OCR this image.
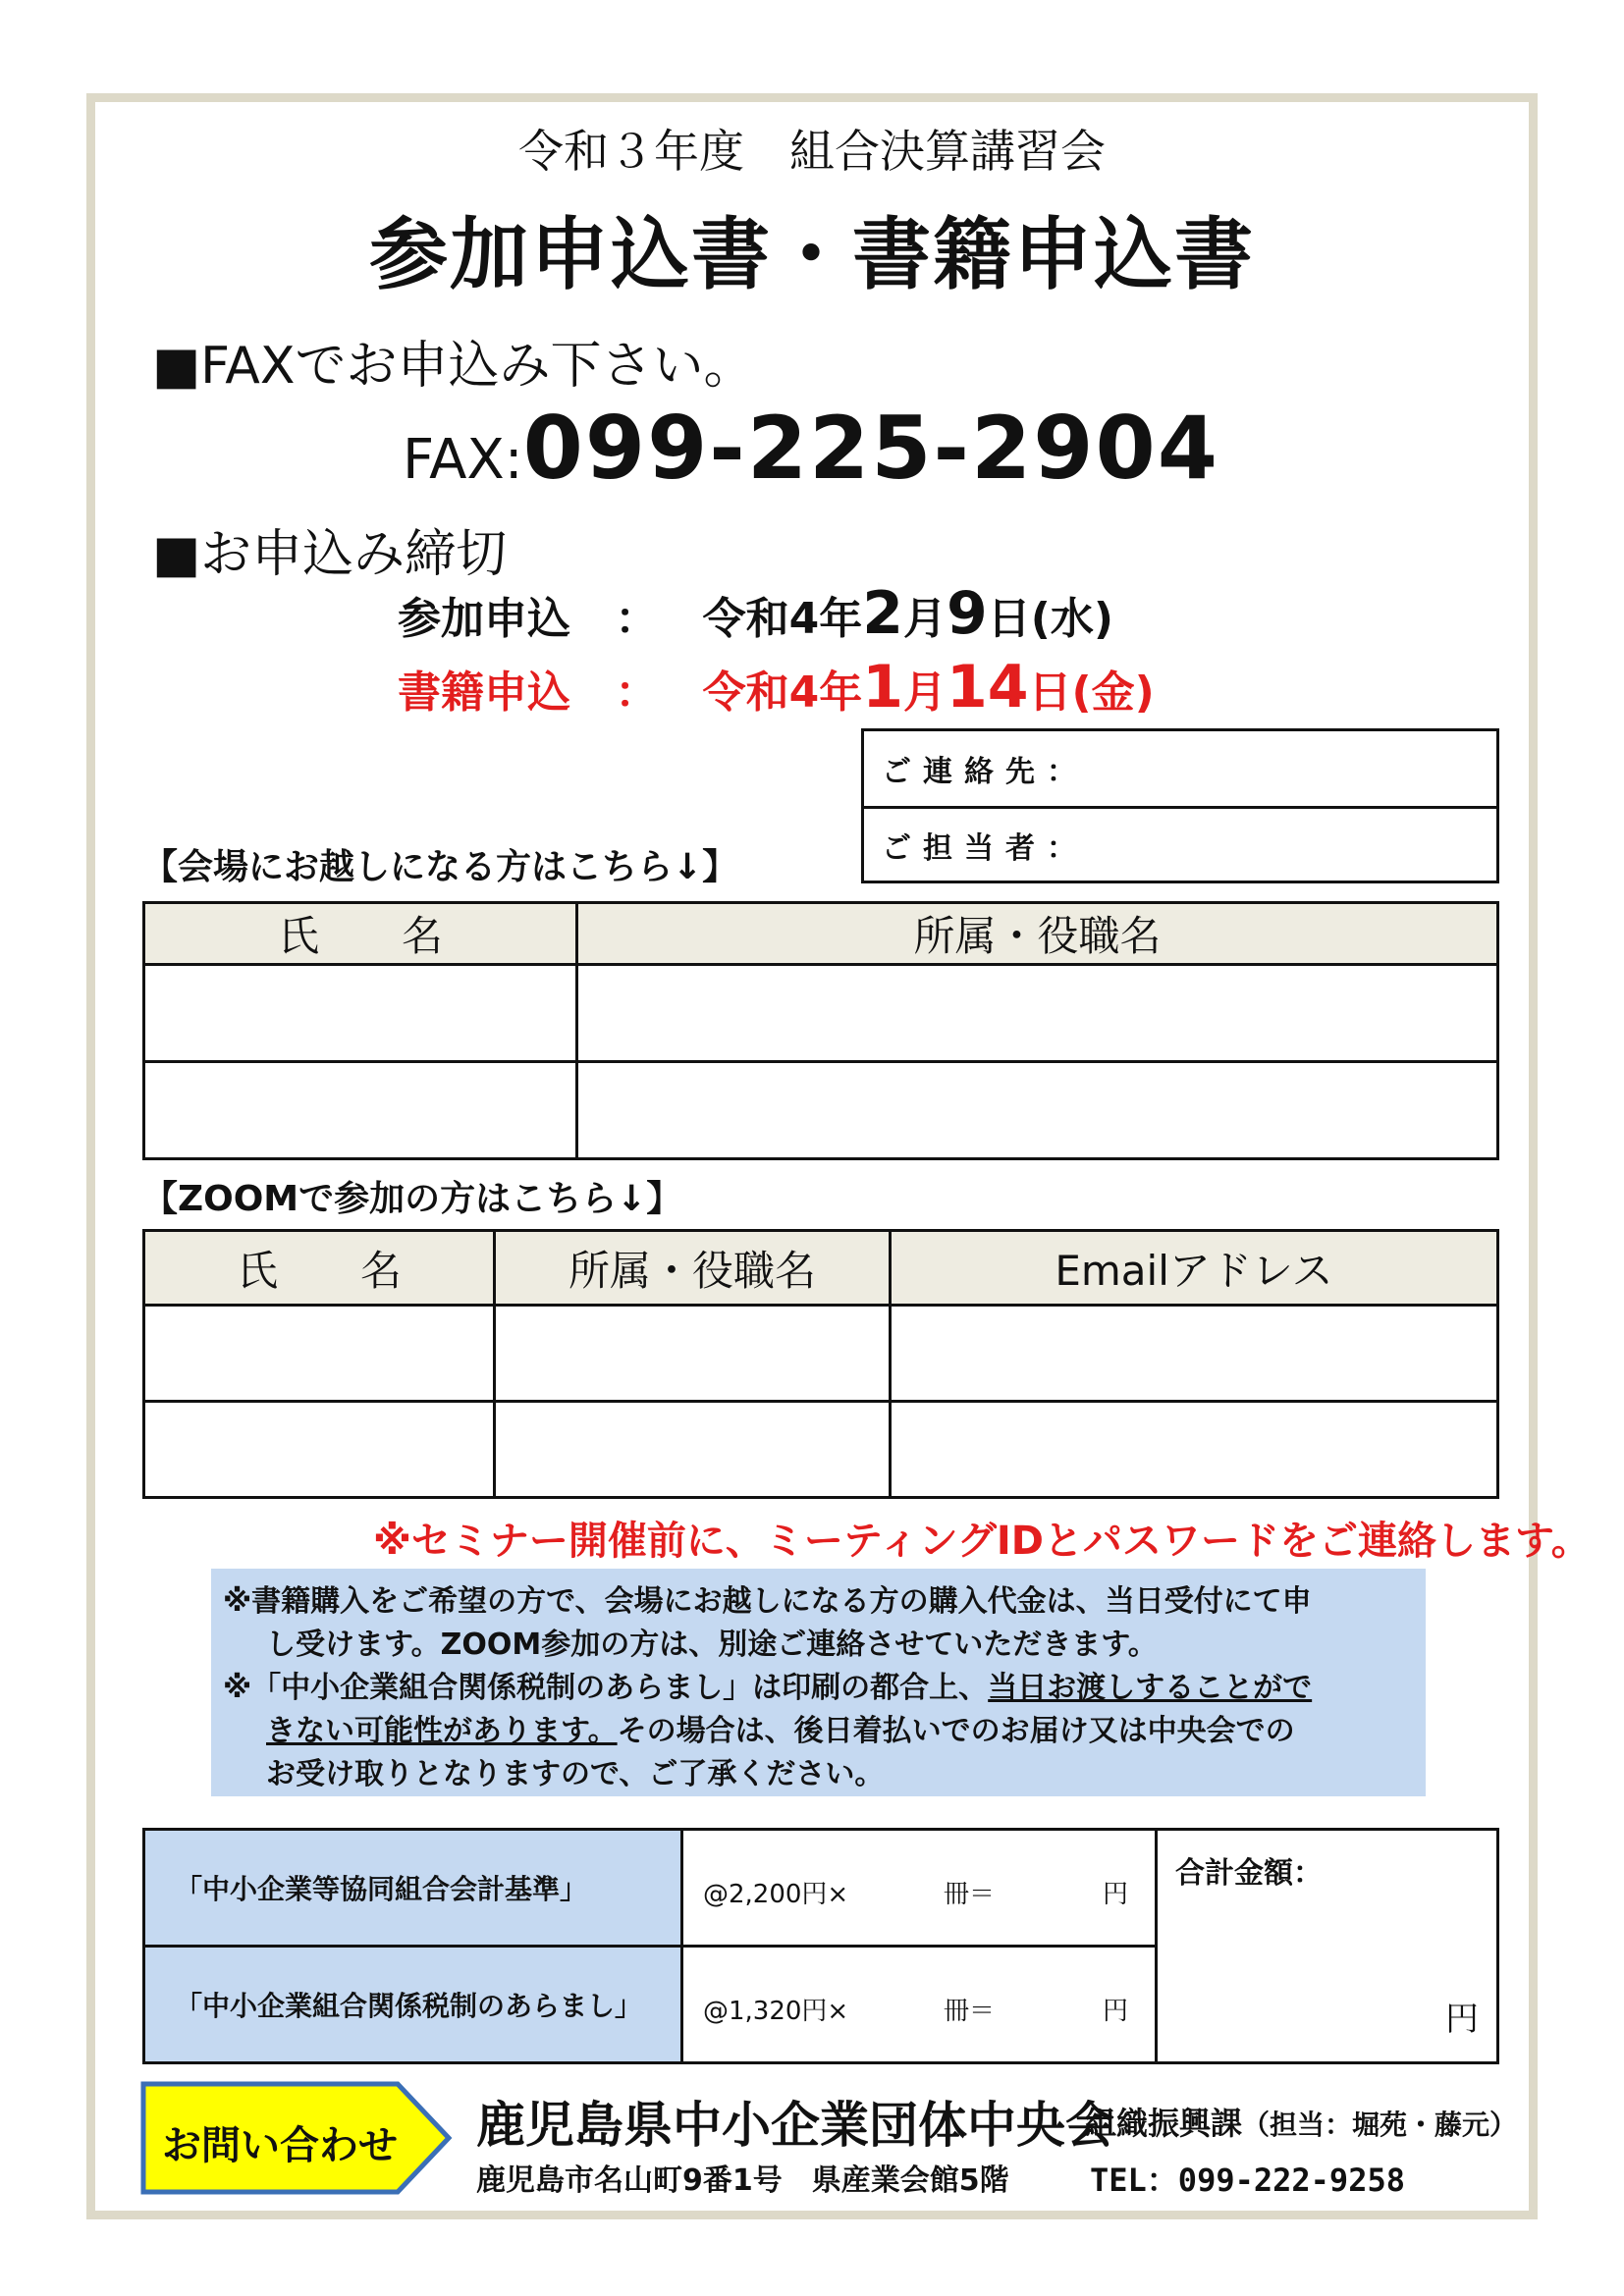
令和３年度　組合決算講習会
参加申込書・書籍申込書
■FAXでお申込み下さい。
FAX:099-225-2904
■お申込み締切
参加申込 ： 令和4年2月9日(水)
書籍申込 ： 令和4年1月14日(金)
ご連絡先：
ご担当者：
【会場にお越しになる方はこちら↓】
氏　　名	所属・役職名

【ZOOMで参加の方はこちら↓】
氏　　名	所属・役職名	Emailアドレス

※セミナー開催前に、ミーティングIDとパスワードをご連絡します。

※書籍購入をご希望の方で、会場にお越しになる方の購入代金は、当日受付にて申

し受けます。ZOOM参加の方は、別途ご連絡させていただきます。

※「中小企業組合関係税制のあらまし」は印刷の都合上、当日お渡しすることがで

きない可能性があります。その場合は、後日着払いでのお届け又は中央会での

お受け取りとなりますので、ご了承ください。

「中小企業等協同組合会計基準」	@2,200円× 冊＝ 円	合計金額：
円

「中小企業組合関係税制のあらまし」	@1,320円× 冊＝ 円	
お問い合わせ 鹿児島県中小企業団体中央会
組織振興課（担当：堀苑・藤元）
鹿児島市名山町9番1号　県産業会館5階	TEL：099-222-9258
